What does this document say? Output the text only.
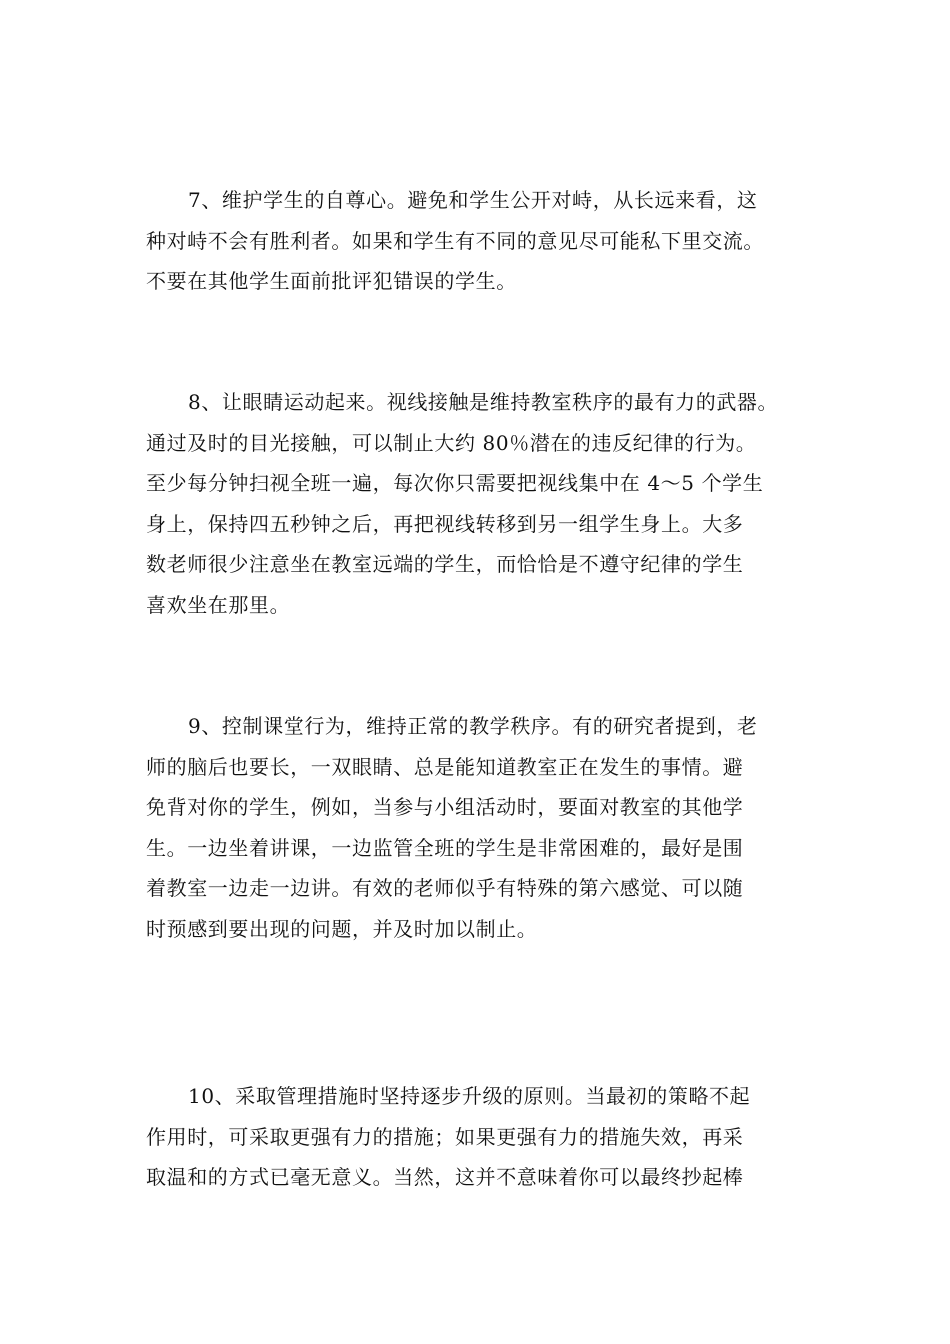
7、维护学生的自尊心。避免和学生公开对峙，从长远来看，这
种对峙不会有胜利者。如果和学生有不同的意见尽可能私下里交流。
不要在其他学生面前批评犯错误的学生。

8、让眼睛运动起来。视线接触是维持教室秩序的最有力的武器。
通过及时的目光接触，可以制止大约 80％潜在的违反纪律的行为。
至少每分钟扫视全班一遍，每次你只需要把视线集中在 4～5 个学生
身上，保持四五秒钟之后，再把视线转移到另一组学生身上。大多
数老师很少注意坐在教室远端的学生，而恰恰是不遵守纪律的学生
喜欢坐在那里。

9、控制课堂行为，维持正常的教学秩序。有的研究者提到，老
师的脑后也要长，一双眼睛、总是能知道教室正在发生的事情。避
免背对你的学生，例如，当参与小组活动时，要面对教室的其他学
生。一边坐着讲课，一边监管全班的学生是非常困难的，最好是围
着教室一边走一边讲。有效的老师似乎有特殊的第六感觉、可以随
时预感到要出现的问题，并及时加以制止。

10、采取管理措施时坚持逐步升级的原则。当最初的策略不起
作用时，可采取更强有力的措施；如果更强有力的措施失效，再采
取温和的方式已毫无意义。当然，这并不意味着你可以最终抄起棒
